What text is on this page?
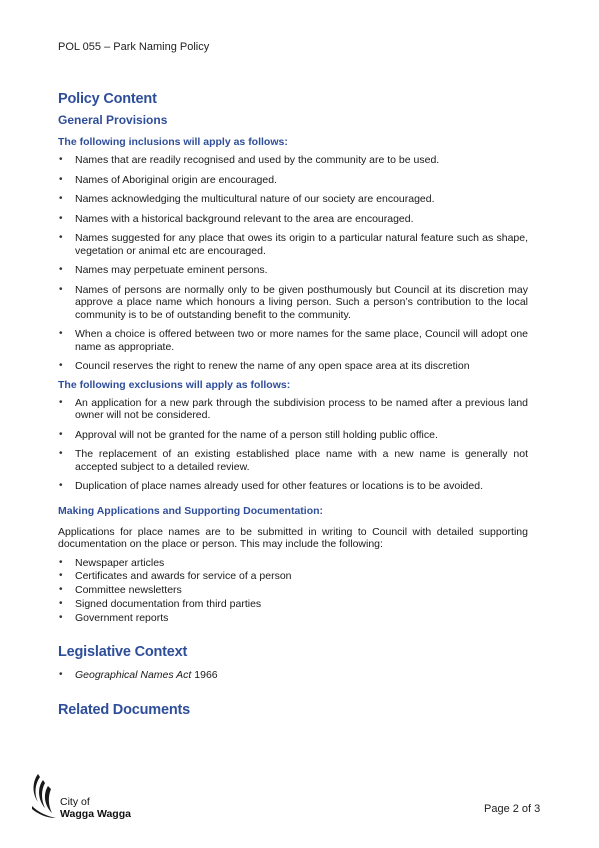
POL 055 – Park Naming Policy
Policy Content
General Provisions
The following inclusions will apply as follows:
• Names that are readily recognised and used by the community are to be used.
• Names of Aboriginal origin are encouraged.
• Names acknowledging the multicultural nature of our society are encouraged.
• Names with a historical background relevant to the area are encouraged.
• Names suggested for any place that owes its origin to a particular natural feature such as shape, vegetation or animal etc are encouraged.
• Names may perpetuate eminent persons.
• Names of persons are normally only to be given posthumously but Council at its discretion may approve a place name which honours a living person. Such a person’s contribution to the local community is to be of outstanding benefit to the community.
• When a choice is offered between two or more names for the same place, Council will adopt one name as appropriate.
• Council reserves the right to renew the name of any open space area at its discretion
The following exclusions will apply as follows:
• An application for a new park through the subdivision process to be named after a previous land owner will not be considered.
• Approval will not be granted for the name of a person still holding public office.
• The replacement of an existing established place name with a new name is generally not accepted subject to a detailed review.
• Duplication of place names already used for other features or locations is to be avoided.
Making Applications and Supporting Documentation:

Applications for place names are to be submitted in writing to Council with detailed supporting documentation on the place or person. This may include the following:

• Newspaper articles
• Certificates and awards for service of a person
• Committee newsletters
• Signed documentation from third parties
• Government reports
Legislative Context
• Geographical Names Act 1966
Related Documents
City of
Wagga Wagga	Page 2 of 3
